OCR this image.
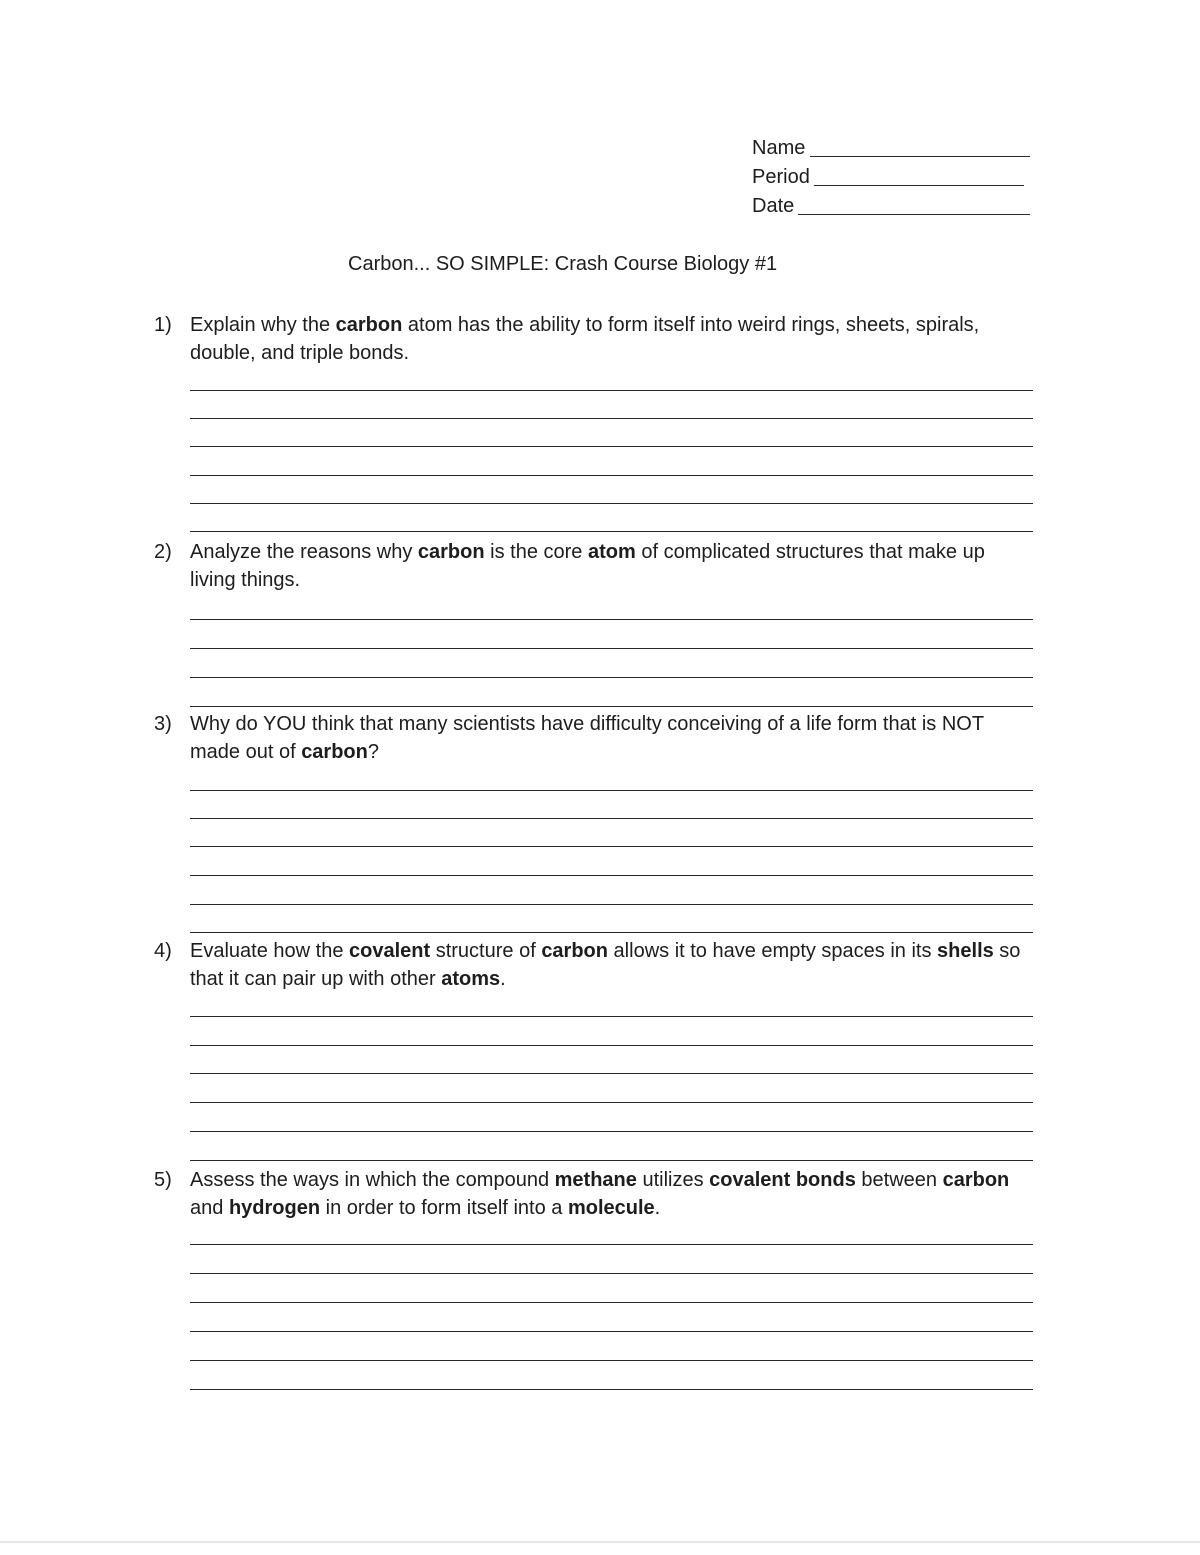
Name
Period
Date
Carbon... SO SIMPLE: Crash Course Biology #1
1) Explain why the carbon atom has the ability to form itself into weird rings, sheets, spirals, double, and triple bonds.
2) Analyze the reasons why carbon is the core atom of complicated structures that make up living things.
3) Why do YOU think that many scientists have difficulty conceiving of a life form that is NOT made out of carbon?
4) Evaluate how the covalent structure of carbon allows it to have empty spaces in its shells so that it can pair up with other atoms.
5) Assess the ways in which the compound methane utilizes covalent bonds between carbon and hydrogen in order to form itself into a molecule.
